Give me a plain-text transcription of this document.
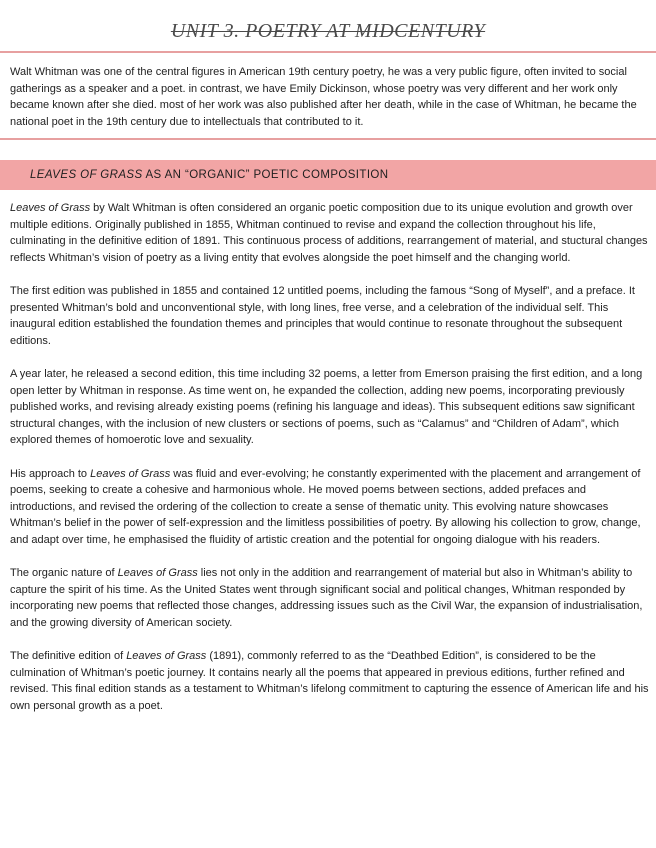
UNIT 3. POETRY AT MIDCENTURY
Walt Whitman was one of the central figures in American 19th century poetry, he was a very public figure, often invited to social gatherings as a speaker and a poet. in contrast, we have Emily Dickinson, whose poetry was very different and her work only became known after she died. most of her work was also published after her death, while in the case of Whitman, he became the national poet in the 19th century due to intellectuals that contributed to it.
LEAVES OF GRASS AS AN “ORGANIC” POETIC COMPOSITION

Leaves of Grass by Walt Whitman is often considered an organic poetic composition due to its unique evolution and growth over multiple editions. Originally published in 1855, Whitman continued to revise and expand the collection throughout his life, culminating in the definitive edition of 1891. This continuous process of additions, rearrangement of material, and stuctural changes reflects Whitman’s vision of poetry as a living entity that evolves alongside the poet himself and the changing world.

The first edition was published in 1855 and contained 12 untitled poems, including the famous “Song of Myself”, and a preface. It presented Whitman’s bold and unconventional style, with long lines, free verse, and a celebration of the individual self. This inaugural edition established the foundation themes and principles that would continue to resonate throughout the subsequent editions.

A year later, he released a second edition, this time including 32 poems, a letter from Emerson praising the first edition, and a long open letter by Whitman in response. As time went on, he expanded the collection, adding new poems, incorporating previously published works, and revising already existing poems (refining his language and ideas). This subsequent editions saw significant structural changes, with the inclusion of new clusters or sections of poems, such as “Calamus” and “Children of Adam”, which explored themes of homoerotic love and sexuality.

His approach to Leaves of Grass was fluid and ever-evolving; he constantly experimented with the placement and arrangement of poems, seeking to create a cohesive and harmonious whole. He moved poems between sections, added prefaces and introductions, and revised the ordering of the collection to create a sense of thematic unity. This evolving nature showcases Whitman’s belief in the power of self-expression and the limitless possibilities of poetry. By allowing his collection to grow, change, and adapt over time, he emphasised the fluidity of artistic creation and the potential for ongoing dialogue with his readers.

The organic nature of Leaves of Grass lies not only in the addition and rearrangement of material but also in Whitman’s ability to capture the spirit of his time. As the United States went through significant social and political changes, Whitman responded by incorporating new poems that reflected those changes, addressing issues such as the Civil War, the expansion of industrialisation, and the growing diversity of American society.

The definitive edition of Leaves of Grass (1891), commonly referred to as the “Deathbed Edition”, is considered to be the culmination of Whitman’s poetic journey. It contains nearly all the poems that appeared in previous editions, further refined and revised. This final edition stands as a testament to Whitman’s lifelong commitment to capturing the essence of American life and his own personal growth as a poet.
